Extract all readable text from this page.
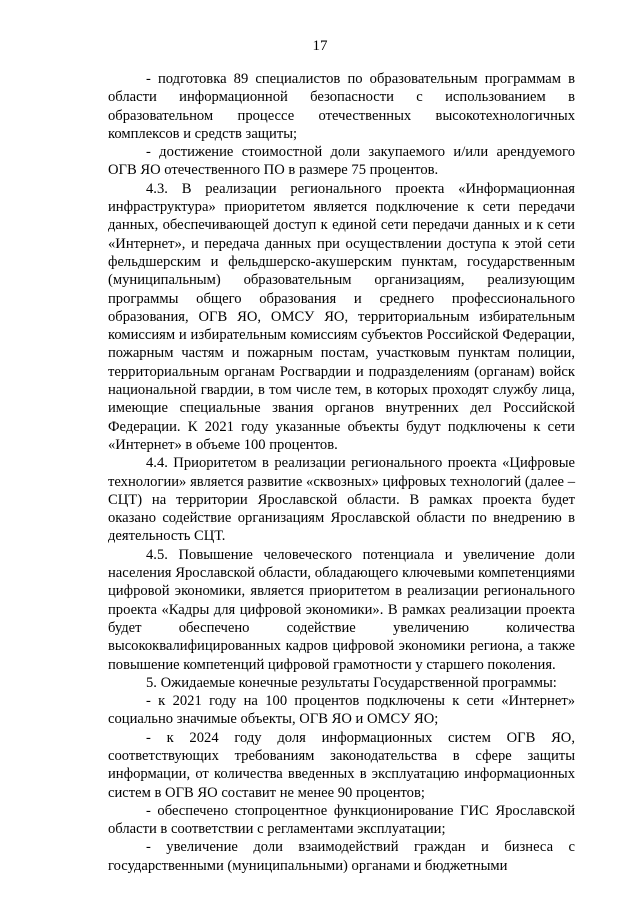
17

- подготовка 89 специалистов по образовательным программам в области информационной безопасности с использованием в образовательном процессе отечественных высокотехнологичных комплексов и средств защиты;

- достижение стоимостной доли закупаемого и/или арендуемого ОГВ ЯО отечественного ПО в размере 75 процентов.

4.3. В реализации регионального проекта «Информационная инфраструктура» приоритетом является подключение к сети передачи данных, обеспечивающей доступ к единой сети передачи данных и к сети «Интернет», и передача данных при осуществлении доступа к этой сети фельдшерским и фельдшерско-акушерским пунктам, государственным (муниципальным) образовательным организациям, реализующим программы общего образования и среднего профессионального образования, ОГВ ЯО, ОМСУ ЯО, территориальным избирательным комиссиям и избирательным комиссиям субъектов Российской Федерации, пожарным частям и пожарным постам, участковым пунктам полиции, территориальным органам Росгвардии и подразделениям (органам) войск национальной гвардии, в том числе тем, в которых проходят службу лица, имеющие специальные звания органов внутренних дел Российской Федерации. К 2021 году указанные объекты будут подключены к сети «Интернет» в объеме 100 процентов.

4.4. Приоритетом в реализации регионального проекта «Цифровые технологии» является развитие «сквозных» цифровых технологий (далее – СЦТ) на территории Ярославской области. В рамках проекта будет оказано содействие организациям Ярославской области по внедрению в деятельность СЦТ.

4.5. Повышение человеческого потенциала и увеличение доли населения Ярославской области, обладающего ключевыми компетенциями цифровой экономики, является приоритетом в реализации регионального проекта «Кадры для цифровой экономики». В рамках реализации проекта будет обеспечено содействие увеличению количества высококвалифицированных кадров цифровой экономики региона, а также повышение компетенций цифровой грамотности у старшего поколения.

5. Ожидаемые конечные результаты Государственной программы:

- к 2021 году на 100 процентов подключены к сети «Интернет» социально значимые объекты, ОГВ ЯО и ОМСУ ЯО;

- к 2024 году доля информационных систем ОГВ ЯО, соответствующих требованиям законодательства в сфере защиты информации, от количества введенных в эксплуатацию информационных систем в ОГВ ЯО составит не менее 90 процентов;

- обеспечено стопроцентное функционирование ГИС Ярославской области в соответствии с регламентами эксплуатации;

- увеличение доли взаимодействий граждан и бизнеса с государственными (муниципальными) органами и бюджетными
